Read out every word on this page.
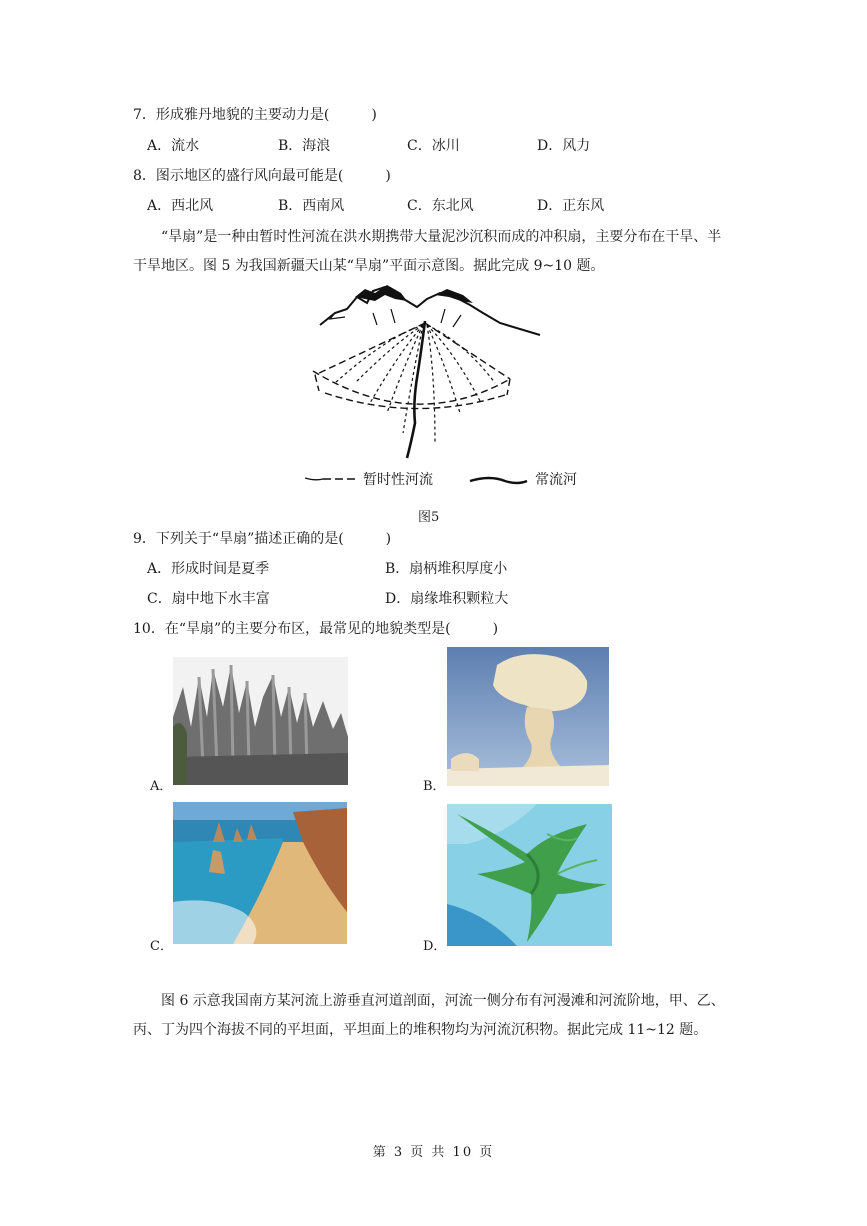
7．形成雅丹地貌的主要动力是(　　　)
A．流水	B．海浪	C．冰川	D．风力
8．图示地区的盛行风向最可能是(　　　)
A．西北风	B．西南风	C．东北风	D．正东风
“旱扇”是一种由暂时性河流在洪水期携带大量泥沙沉积而成的冲积扇，主要分布在干旱、半干旱地区。图 5 为我国新疆天山某“旱扇”平面示意图。据此完成 9~10 题。
暂时性河流	常流河
图5
9．下列关于“旱扇”描述正确的是(　　　)
A．形成时间是夏季	B．扇柄堆积厚度小
C．扇中地下水丰富	D．扇缘堆积颗粒大
10．在“旱扇”的主要分布区，最常见的地貌类型是(　　　)
A．	B．
C．	D．
图 6 示意我国南方某河流上游垂直河道剖面，河流一侧分布有河漫滩和河流阶地，甲、乙、丙、丁为四个海拔不同的平坦面，平坦面上的堆积物均为河流沉积物。据此完成 11~12 题。
第 3 页 共 10 页
